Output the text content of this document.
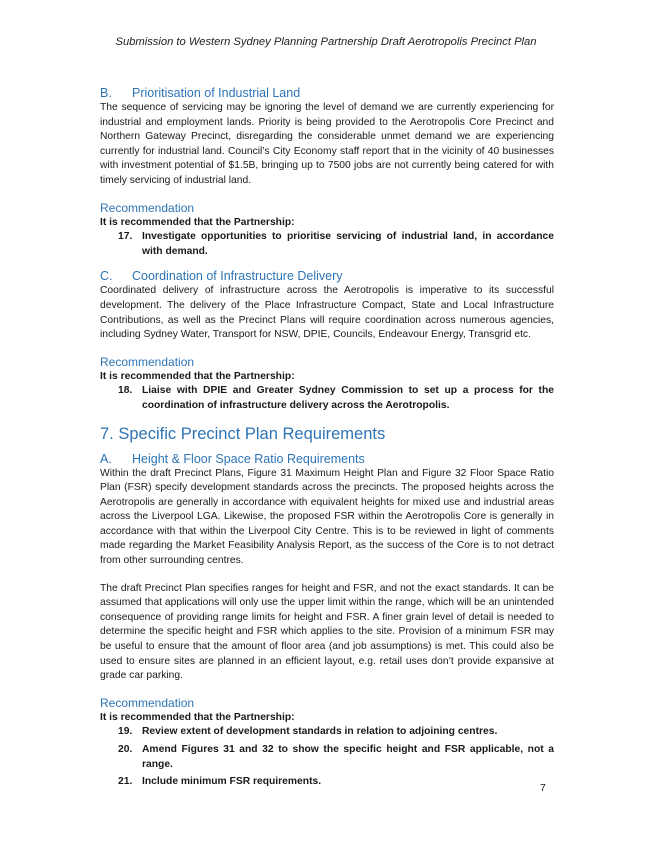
Submission to Western Sydney Planning Partnership Draft Aerotropolis Precinct Plan
B. Prioritisation of Industrial Land

The sequence of servicing may be ignoring the level of demand we are currently experiencing for industrial and employment lands. Priority is being provided to the Aerotropolis Core Precinct and Northern Gateway Precinct, disregarding the considerable unmet demand we are experiencing currently for industrial land. Council’s City Economy staff report that in the vicinity of 40 businesses with investment potential of $1.5B, bringing up to 7500 jobs are not currently being catered for with timely servicing of industrial land.

Recommendation

It is recommended that the Partnership:

17. Investigate opportunities to prioritise servicing of industrial land, in accordance with demand.
C. Coordination of Infrastructure Delivery

Coordinated delivery of infrastructure across the Aerotropolis is imperative to its successful development. The delivery of the Place Infrastructure Compact, State and Local Infrastructure Contributions, as well as the Precinct Plans will require coordination across numerous agencies, including Sydney Water, Transport for NSW, DPIE, Councils, Endeavour Energy, Transgrid etc.

Recommendation

It is recommended that the Partnership:

18. Liaise with DPIE and Greater Sydney Commission to set up a process for the coordination of infrastructure delivery across the Aerotropolis.
7. Specific Precinct Plan Requirements
A. Height & Floor Space Ratio Requirements

Within the draft Precinct Plans, Figure 31 Maximum Height Plan and Figure 32 Floor Space Ratio Plan (FSR) specify development standards across the precincts. The proposed heights across the Aerotropolis are generally in accordance with equivalent heights for mixed use and industrial areas across the Liverpool LGA. Likewise, the proposed FSR within the Aerotropolis Core is generally in accordance with that within the Liverpool City Centre. This is to be reviewed in light of comments made regarding the Market Feasibility Analysis Report, as the success of the Core is to not detract from other surrounding centres.

The draft Precinct Plan specifies ranges for height and FSR, and not the exact standards. It can be assumed that applications will only use the upper limit within the range, which will be an unintended consequence of providing range limits for height and FSR. A finer grain level of detail is needed to determine the specific height and FSR which applies to the site. Provision of a minimum FSR may be useful to ensure that the amount of floor area (and job assumptions) is met. This could also be used to ensure sites are planned in an efficient layout, e.g. retail uses don’t provide expansive at grade car parking.

Recommendation

It is recommended that the Partnership:

19. Review extent of development standards in relation to adjoining centres.
20. Amend Figures 31 and 32 to show the specific height and FSR applicable, not a range.
21. Include minimum FSR requirements.
7
